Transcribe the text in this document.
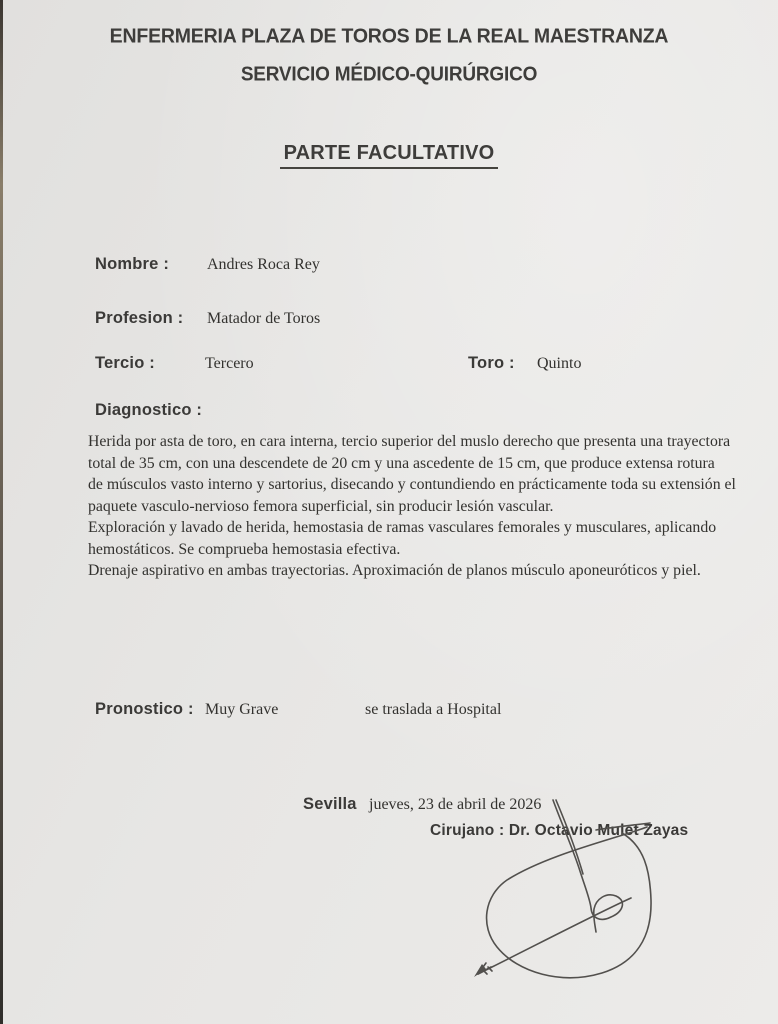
ENFERMERIA PLAZA DE TOROS DE LA REAL MAESTRANZA
SERVICIO MÉDICO-QUIRÚRGICO
PARTE FACULTATIVO
Nombre : Andres Roca Rey
Profesion : Matador de Toros
Tercio :	Tercero	Toro : Quinto
Diagnostico :
Herida por asta de toro, en cara interna, tercio superior del muslo derecho que presenta una trayectora
total de 35 cm, con una descendete de 20 cm y una ascedente de 15 cm, que produce extensa rotura
de músculos vasto interno y sartorius, disecando y contundiendo en prácticamente toda su extensión el
paquete vasculo-nervioso femora superficial, sin producir lesión vascular.
Exploración y lavado de herida, hemostasia de ramas vasculares femorales y musculares, aplicando
hemostáticos. Se comprueba hemostasia efectiva.
Drenaje aspirativo en ambas trayectorias. Aproximación de planos músculo aponeuróticos y piel.
Pronostico : Muy Grave	se traslada a Hospital
Sevilla jueves, 23 de abril de 2026
Cirujano : Dr. Octavio Mulet Zayas
